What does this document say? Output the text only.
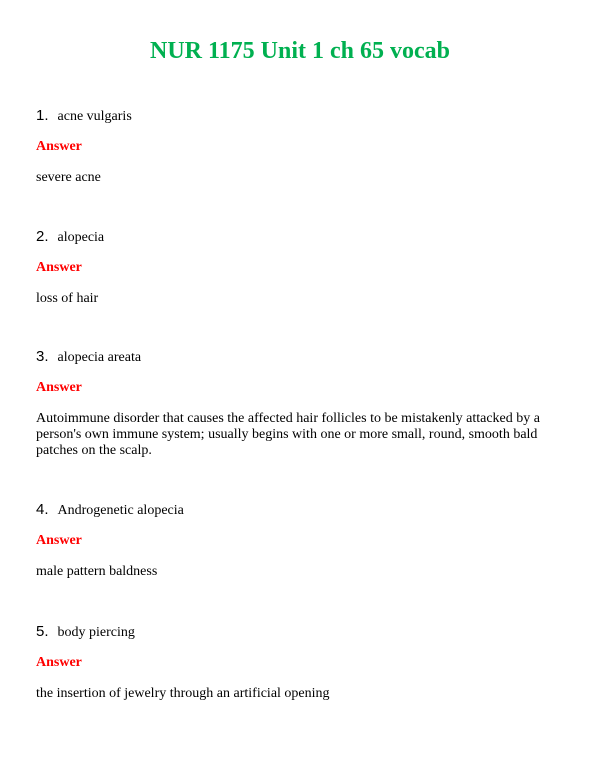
NUR 1175 Unit 1 ch 65 vocab
1. acne vulgaris
Answer
severe acne
2. alopecia
Answer
loss of hair
3. alopecia areata
Answer
Autoimmune disorder that causes the affected hair follicles to be mistakenly attacked by a person's own immune system; usually begins with one or more small, round, smooth bald patches on the scalp.
4. Androgenetic alopecia
Answer
male pattern baldness
5. body piercing
Answer
the insertion of jewelry through an artificial opening
